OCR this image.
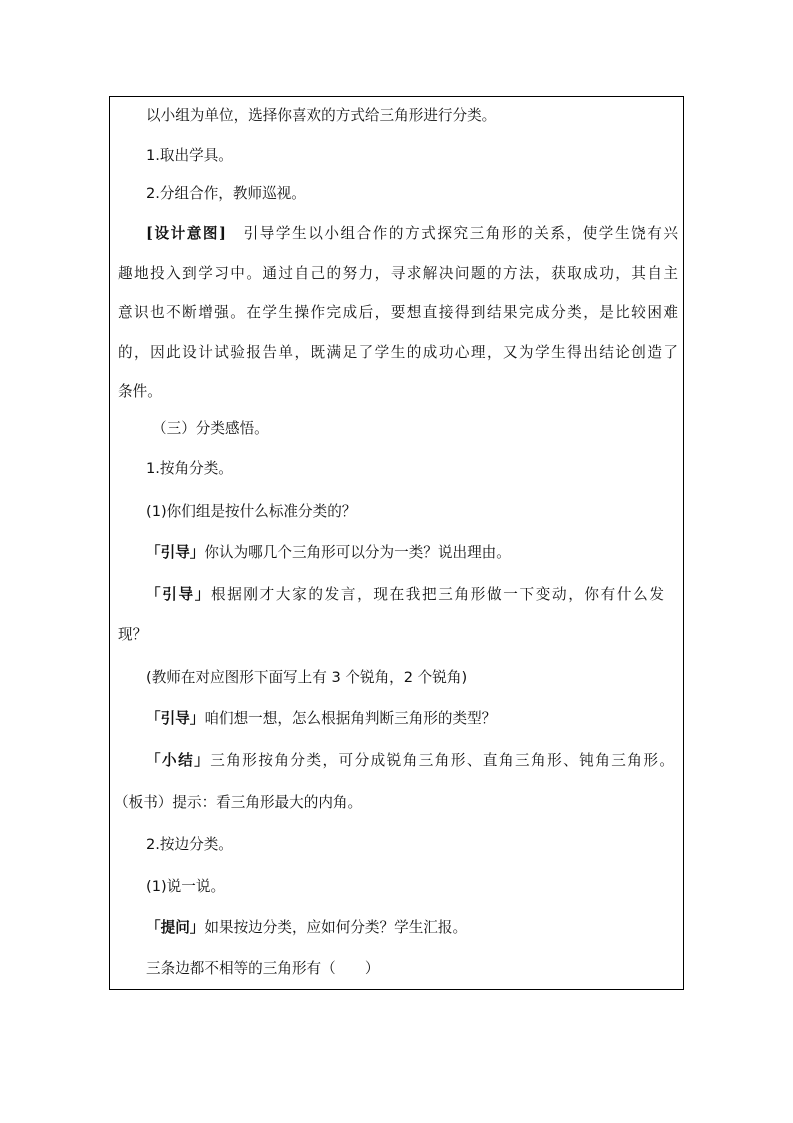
以小组为单位，选择你喜欢的方式给三角形进行分类。
1.取出学具。
2.分组合作，教师巡视。
[设计意图]　 引导学生以小组合作的方式探究三角形的关系，使学生饶有兴
趣地投入到学习中。通过自己的努力，寻求解决问题的方法，获取成功，其自主
意识也不断增强。在学生操作完成后，要想直接得到结果完成分类，是比较困难
的，因此设计试验报告单，既满足了学生的成功心理，又为学生得出结论创造了
条件。
（三）分类感悟。
1.按角分类。
(1)你们组是按什么标准分类的？
「引导」你认为哪几个三角形可以分为一类？说出理由。
「引导」根据刚才大家的发言，现在我把三角形做一下变动，你有什么发
现？
(教师在对应图形下面写上有 3 个锐角，2 个锐角)
「引导」咱们想一想，怎么根据角判断三角形的类型？
「小结」三角形按角分类，可分成锐角三角形、直角三角形、钝角三角形。
（板书）提示：看三角形最大的内角。
2.按边分类。
(1)说一说。
「提问」如果按边分类，应如何分类？学生汇报。
三条边都不相等的三角形有（　　）
